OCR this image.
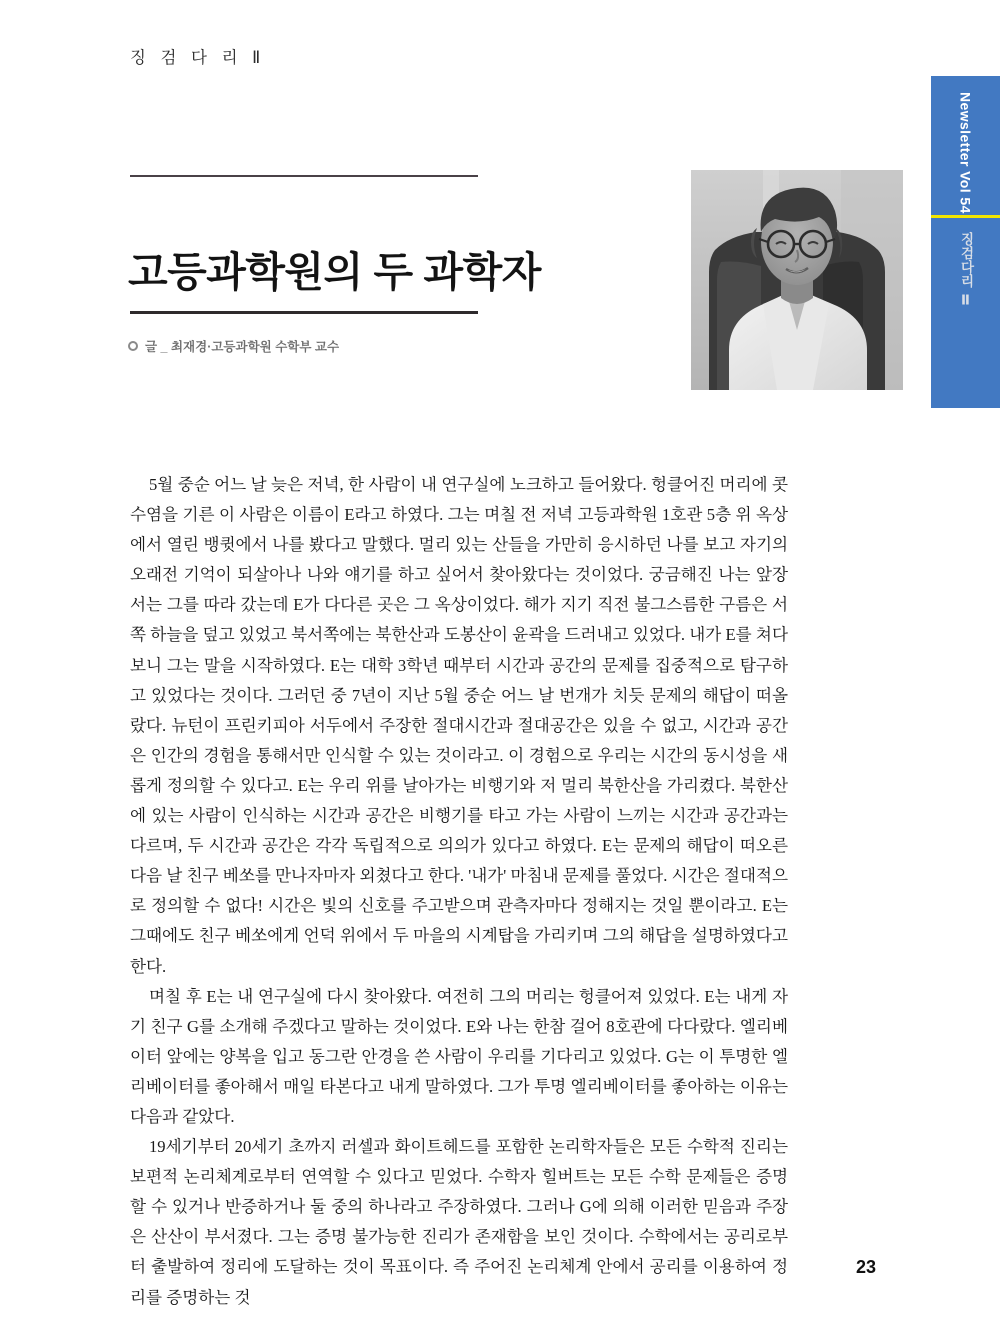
징 검 다 리 Ⅱ
Newsletter Vol 54
징검다리 Ⅱ
고등과학원의 두 과학자
글 _ 최재경·고등과학원 수학부 교수

5월 중순 어느 날 늦은 저녁, 한 사람이 내 연구실에 노크하고 들어왔다. 헝클어진 머리에 콧수염을 기른 이 사람은 이름이 E라고 하였다. 그는 며칠 전 저녁 고등과학원 1호관 5층 위 옥상에서 열린 뱅큇에서 나를 봤다고 말했다. 멀리 있는 산들을 가만히 응시하던 나를 보고 자기의 오래전 기억이 되살아나 나와 얘기를 하고 싶어서 찾아왔다는 것이었다. 궁금해진 나는 앞장서는 그를 따라 갔는데 E가 다다른 곳은 그 옥상이었다. 해가 지기 직전 불그스름한 구름은 서쪽 하늘을 덮고 있었고 북서쪽에는 북한산과 도봉산이 윤곽을 드러내고 있었다. 내가 E를 쳐다보니 그는 말을 시작하였다. E는 대학 3학년 때부터 시간과 공간의 문제를 집중적으로 탐구하고 있었다는 것이다. 그러던 중 7년이 지난 5월 중순 어느 날 번개가 치듯 문제의 해답이 떠올랐다. 뉴턴이 프린키피아 서두에서 주장한 절대시간과 절대공간은 있을 수 없고, 시간과 공간은 인간의 경험을 통해서만 인식할 수 있는 것이라고. 이 경험으로 우리는 시간의 동시성을 새롭게 정의할 수 있다고. E는 우리 위를 날아가는 비행기와 저 멀리 북한산을 가리켰다. 북한산에 있는 사람이 인식하는 시간과 공간은 비행기를 타고 가는 사람이 느끼는 시간과 공간과는 다르며, 두 시간과 공간은 각각 독립적으로 의의가 있다고 하였다. E는 문제의 해답이 떠오른 다음 날 친구 베쏘를 만나자마자 외쳤다고 한다. '내가' 마침내 문제를 풀었다. 시간은 절대적으로 정의할 수 없다! 시간은 빛의 신호를 주고받으며 관측자마다 정해지는 것일 뿐이라고. E는 그때에도 친구 베쏘에게 언덕 위에서 두 마을의 시계탑을 가리키며 그의 해답을 설명하였다고 한다.

며칠 후 E는 내 연구실에 다시 찾아왔다. 여전히 그의 머리는 헝클어져 있었다. E는 내게 자기 친구 G를 소개해 주겠다고 말하는 것이었다. E와 나는 한참 걸어 8호관에 다다랐다. 엘리베이터 앞에는 양복을 입고 동그란 안경을 쓴 사람이 우리를 기다리고 있었다. G는 이 투명한 엘리베이터를 좋아해서 매일 타본다고 내게 말하였다. 그가 투명 엘리베이터를 좋아하는 이유는 다음과 같았다.

19세기부터 20세기 초까지 러셀과 화이트헤드를 포함한 논리학자들은 모든 수학적 진리는 보편적 논리체계로부터 연역할 수 있다고 믿었다. 수학자 힐버트는 모든 수학 문제들은 증명할 수 있거나 반증하거나 둘 중의 하나라고 주장하였다. 그러나 G에 의해 이러한 믿음과 주장은 산산이 부서졌다. 그는 증명 불가능한 진리가 존재함을 보인 것이다. 수학에서는 공리로부터 출발하여 정리에 도달하는 것이 목표이다. 즉 주어진 논리체계 안에서 공리를 이용하여 정리를 증명하는 것

23
